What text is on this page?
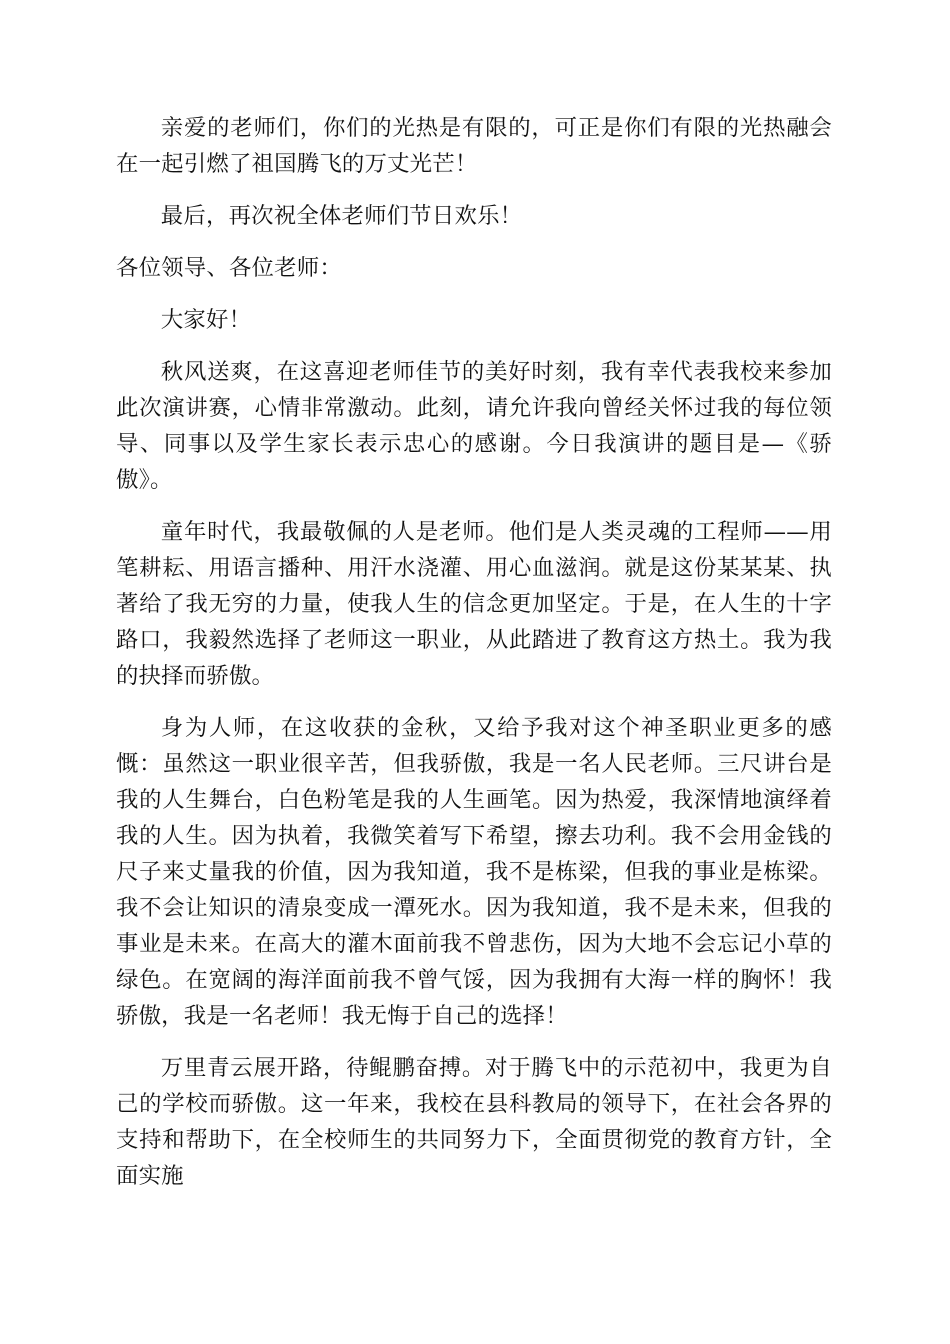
亲爱的老师们，你们的光热是有限的，可正是你们有限的光热融会在一起引燃了祖国腾飞的万丈光芒！

最后，再次祝全体老师们节日欢乐！

各位领导、各位老师：

大家好！

秋风送爽，在这喜迎老师佳节的美好时刻，我有幸代表我校来参加此次演讲赛，心情非常激动。此刻，请允许我向曾经关怀过我的每位领导、同事以及学生家长表示忠心的感谢。今日我演讲的题目是—《骄傲》。

童年时代，我最敬佩的人是老师。他们是人类灵魂的工程师——用笔耕耘、用语言播种、用汗水浇灌、用心血滋润。就是这份某某某、执著给了我无穷的力量，使我人生的信念更加坚定。于是，在人生的十字路口，我毅然选择了老师这一职业，从此踏进了教育这方热土。我为我的抉择而骄傲。

身为人师，在这收获的金秋，又给予我对这个神圣职业更多的感慨：虽然这一职业很辛苦，但我骄傲，我是一名人民老师。三尺讲台是我的人生舞台，白色粉笔是我的人生画笔。因为热爱，我深情地演绎着我的人生。因为执着，我微笑着写下希望，擦去功利。我不会用金钱的尺子来丈量我的价值，因为我知道，我不是栋梁，但我的事业是栋梁。我不会让知识的清泉变成一潭死水。因为我知道，我不是未来，但我的事业是未来。在高大的灌木面前我不曾悲伤，因为大地不会忘记小草的绿色。在宽阔的海洋面前我不曾气馁，因为我拥有大海一样的胸怀！我骄傲，我是一名老师！我无悔于自己的选择！

万里青云展开路，待鲲鹏奋搏。对于腾飞中的示范初中，我更为自己的学校而骄傲。这一年来，我校在县科教局的领导下，在社会各界的支持和帮助下，在全校师生的共同努力下，全面贯彻党的教育方针，全面实施
